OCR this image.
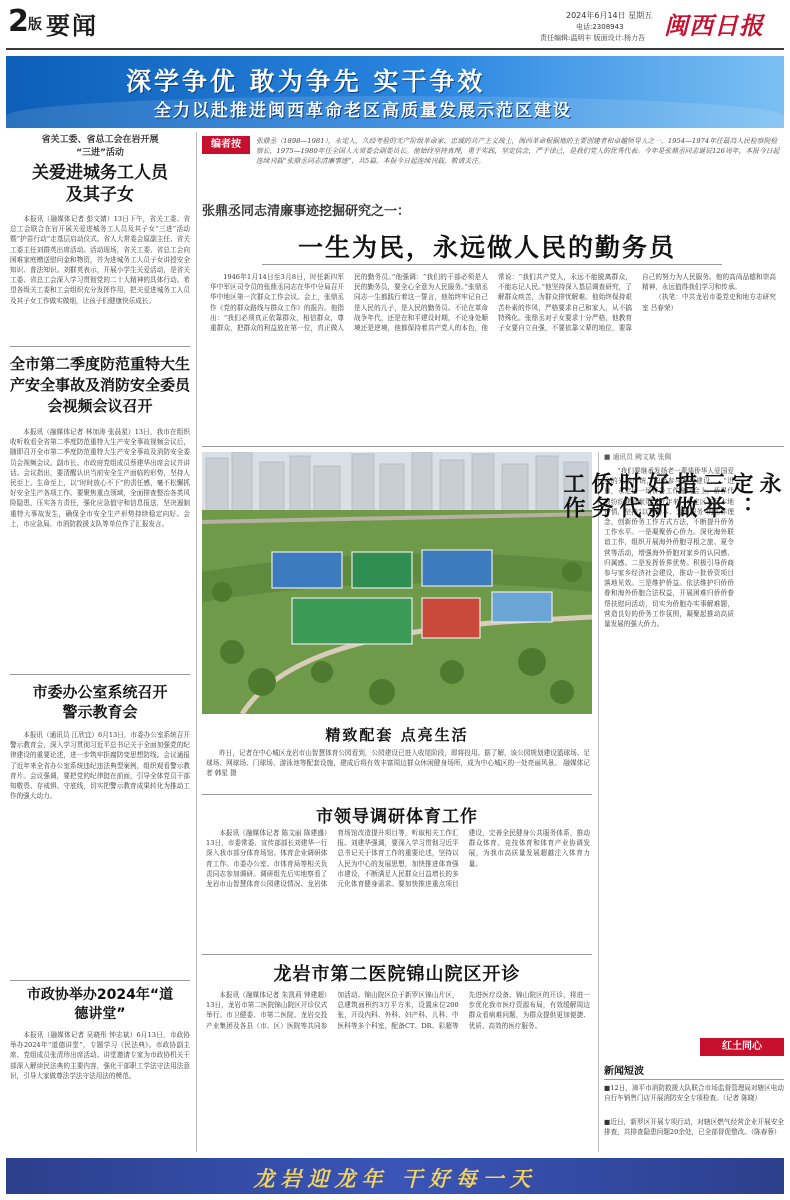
2 版 要闻	2024年6月14日 星期五
电话:2308943
责任编辑:温明丰 版面设计:杨力吾 闽西日报
深学争优 敢为争先 实干争效
全力以赴推进闽西革命老区高质量发展示范区建设
省关工委、省总工会在岩开展
“三进”活动
关爱进城务工人员及其子女

本报讯（融媒体记者 彭文婧）13日下午，省关工委、省总工会联合在岩开展关爱进城务工人员及其子女“三进”活动暨“护苗行动”走基层启动仪式。省人大常委会原副主任、省关工委主任刘群英出席活动。活动现场，省关工委、省总工会向困难家庭赠送慰问金和物资，并为进城务工人员子女讲授安全知识、普法知识。刘群英表示，开展小学生关爱活动，是省关工委、省总工会深入学习贯彻党的二十大精神的具体行动。希望各级关工委和工会组织充分发挥作用，把关爱进城务工人员及其子女工作做实做细，让孩子们健康快乐成长。

全市第二季度防范重特大生产安全事故及消防安全委员会视频会议召开

本报讯（融媒体记者 林加涛 张晨星）13日，我市在组织收听收看全省第二季度防范重特大生产安全事故视频会议后，随即召开全市第二季度防范重特大生产安全事故及消防安全委员会视频会议。副市长、市政府党组成员蔡建华出席会议并讲话。会议指出，要清醒认识当前安全生产面临的形势，坚持人民至上、生命至上，以“时时放心不下”的责任感，毫不松懈抓好安全生产各项工作。要聚焦重点领域，全面排查整治各类风险隐患，压实各方责任，强化应急值守和信息报送，坚决遏制重特大事故发生，确保全市安全生产形势持续稳定向好。会上，市应急局、市消防救援支队等单位作了汇报发言。

市委办公室系统召开警示教育会

本报讯（通讯员 江欣宜）6月13日，市委办公室系统召开警示教育会，深入学习贯彻习近平总书记关于全面加强党的纪律建设的重要论述，进一步筑牢拒腐防变思想防线。会议通报了近年来全省办公室系统违纪违法典型案例，组织观看警示教育片。会议强调，要把党的纪律挺在前面，引导全体党员干部知敬畏、存戒惧、守底线，切实把警示教育成果转化为推动工作的强大动力。

市政协举办2024年“道德讲堂”

本报讯（融媒体记者 吴晓彤 钟志斌）6月13日，市政协举办2024年“道德讲堂”，专题学习《民法典》。市政协副主席、党组成员张清珍出席活动。讲堂邀请专家为市政协机关干部深入解读民法典的主要内容，强化干部职工学法守法用法意识，引导大家做尊法学法守法用法的模范。

编者按	张鼎丞（1898—1981），永定人，久经考验的无产阶级革命家、忠诚的共产主义战士，闽西革命根据地的主要创建者和卓越领导人之一，1954—1974年任最高人民检察院检察长，1975—1980年任全国人大常委会副委员长。他始终坚持真理，勇于实践，坚定信念，严于律己，是我们党人的优秀代表。今年是张鼎丞同志诞辰126周年，本报今日起连续刊载“张鼎丞同志清廉事迹”，共5篇。本报今日起连续刊载，敬请关注。
张鼎丞同志清廉事迹挖掘研究之一：
一生为民，永远做人民的勤务员

1946年1月14日至3月8日，时任新四军华中军区司令员的张鼎丞同志在华中分局召开华中地区第一次群众工作会议。会上，张鼎丞作《党的群众路线与群众工作》的报告。他指出：“我们必须真正依靠群众，相信群众，尊重群众，把群众的利益放在第一位，真正做人民的勤务员。”他强调：“我们的干部必须是人民的勤务员，要全心全意为人民服务。”张鼎丞同志一生都践行着这一誓言，他始终牢记自己是人民的儿子，是人民的勤务员。不论在革命战争年代，还是在和平建设时期，不论身处顺境还是逆境，他都保持着共产党人的本色，他常说：“我们共产党人，永远不能脱离群众，不能忘记人民。”他坚持深入基层调查研究，了解群众疾苦，为群众排忧解难。他始终保持艰苦朴素的作风，严格要求自己和家人，从不搞特殊化。张鼎丞对子女要求十分严格，他教育子女要自立自强，不要依靠父辈的地位，要靠自己的努力为人民服务。他的高尚品德和崇高精神，永远值得我们学习和传承。

（执笔：中共龙岩市委党史和地方志研究室 吕春荣）

精致配套 点亮生活

昨日，记者在中心城区龙岩市山智慧体育公园看到，公园建设已进入收尾阶段，即将投用。据了解，该公园规划建设篮球场、足球场、网球场、门球场、游泳池等配套设施，建成后将有效丰富周边群众休闲健身场所，成为中心城区的一处亮丽风景。 融媒体记者 韩星 摄

市领导调研体育工作

本报讯（融媒体记者 陈文丽 陈建盛）13日，市委常委、宣传部部长刘建华一行深入我市部分体育场馆、体育企业调研体育工作。市委办公室、市体育局等相关负责同志参加调研。调研组先后实地察看了龙岩市山智慧体育公园建设情况、龙岩体育场馆改造提升项目等，听取相关工作汇报。刘建华强调，要深入学习贯彻习近平总书记关于体育工作的重要论述，坚持以人民为中心的发展思想，加快推进体育强市建设，不断满足人民群众日益增长的多元化体育健身需求。要加快推进重点项目建设，完善全民健身公共服务体系，推动群众体育、竞技体育和体育产业协调发展，为我市高质量发展超越注入体育力量。

龙岩市第二医院锦山院区开诊

本报讯（融媒体记者 朱凯莉 钟建超）13日，龙岩市第二医院锦山院区开诊仪式举行。市卫健委、市第二医院、龙岩交投产业集团及各县（市、区）医院等共同参加活动。锦山院区位于新罗区锦山片区，总建筑面积约3万平方米，设置床位200张，开设内科、外科、妇产科、儿科、中医科等多个科室，配备CT、DR、彩超等先进医疗设备。锦山院区的开诊，将进一步优化我市医疗资源布局，有效缓解周边群众看病难问题，为群众提供更加便捷、优质、高效的医疗服务。

■ 通讯员 阙文斌 张佩

“我们要继承发扬老一辈华侨华人爱国爱乡的光荣传统，积极参与家乡建设……”近日，永定区一场侨务工作座谈会上，侨界代表纷纷建言献策。近年来，永定区立足本地侨情，坚持“以人为本、为侨服务”的工作理念，创新侨务工作方式方法，不断提升侨务工作水平。一是凝聚侨心侨力。深化海外联谊工作，组织开展海外侨胞寻根之旅、夏令营等活动，增强海外侨胞对家乡的认同感、归属感。二是发挥侨界优势。积极引导侨商参与家乡经济社会建设，推动一批侨资项目落地见效。三是维护侨益。依法维护归侨侨眷和海外侨胞合法权益，开展困难归侨侨眷帮扶慰问活动，切实为侨胞办实事解难题，营造良好的侨务工作氛围，凝聚起推动高质量发展的强大侨力。

永定：三举措做好新时代侨务工作
红土同心
新闻短波
■12日，漳平市消防救援大队联合市场监督管理局对辖区电动自行车销售门店开展消防安全专项检查。（记者 陈晓）
■近日，新罗区开展专项行动，对辖区燃气经营企业开展安全排查，共排查隐患问题20余处，已全部督促整改。（陈春蓉）
龙岩迎龙年 干好每一天
